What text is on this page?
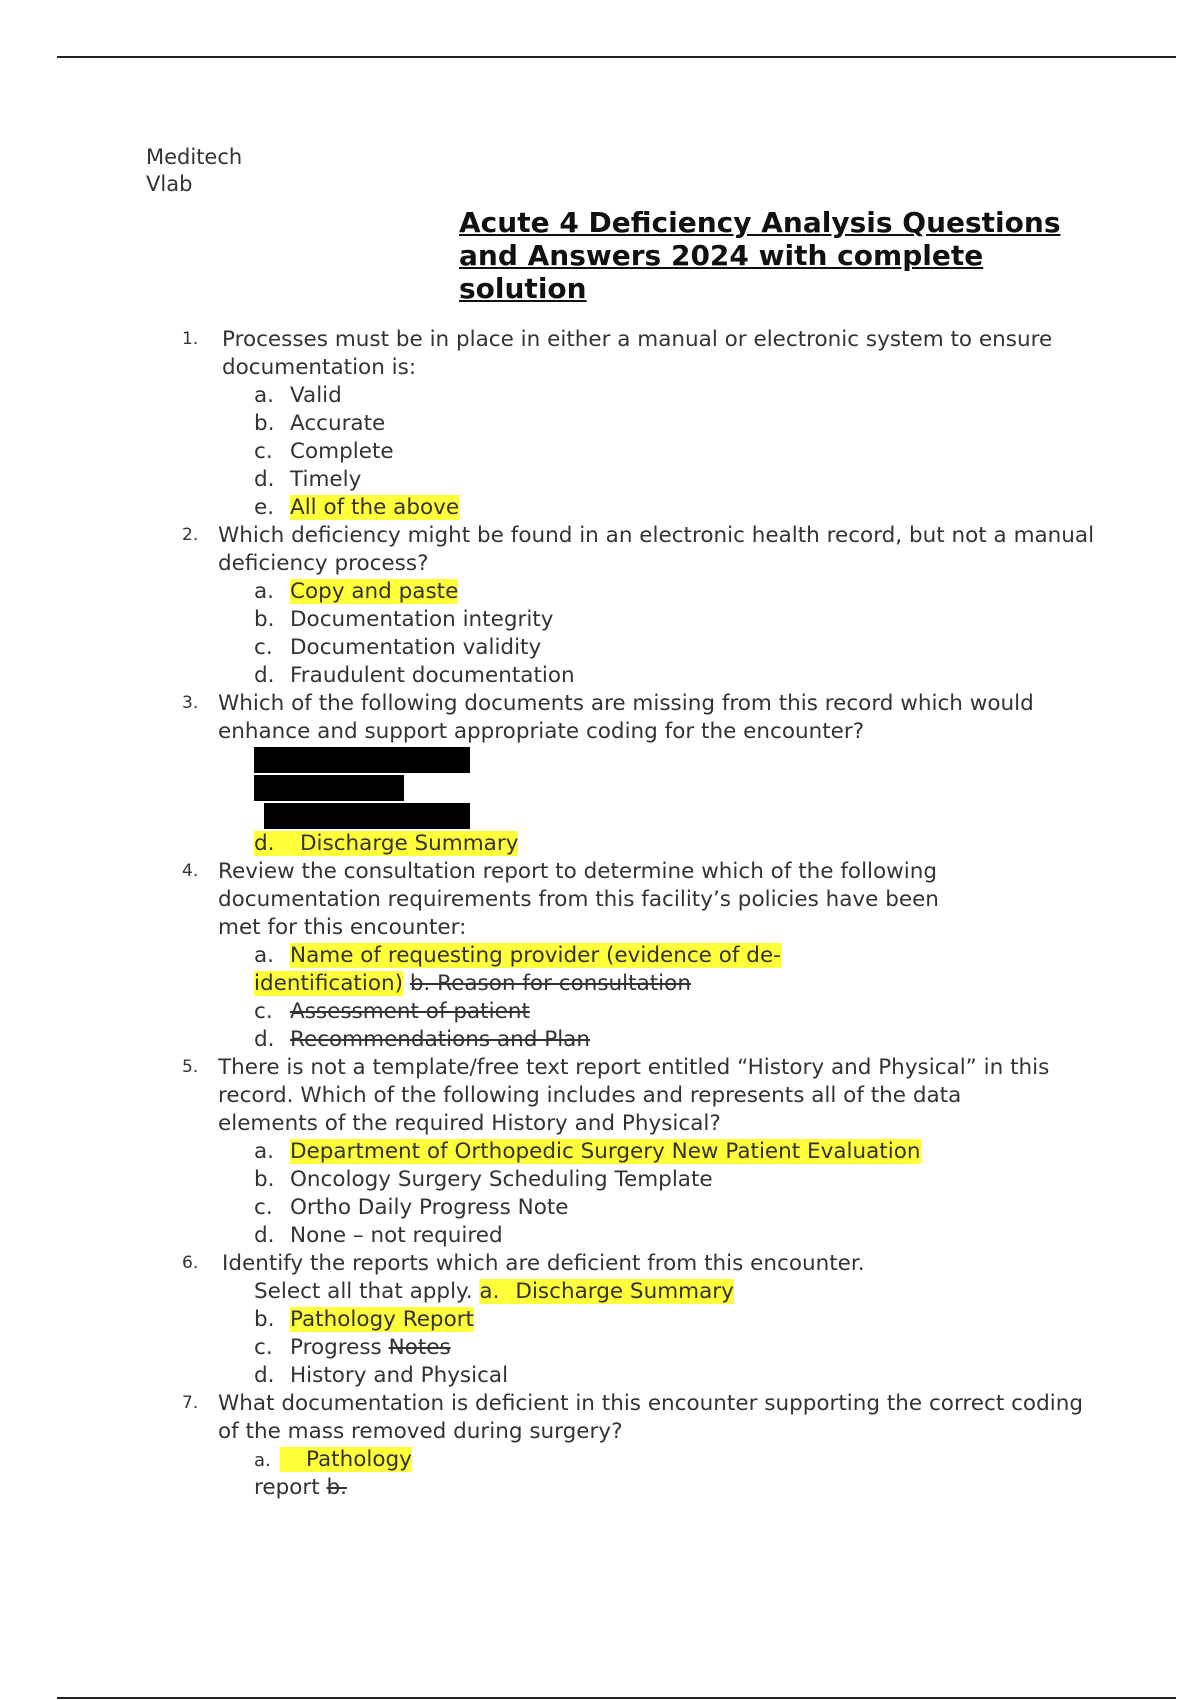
Meditech
Vlab
Acute 4 Deficiency Analysis Questions and Answers 2024 with complete solution
1. Processes must be in place in either a manual or electronic system to ensure documentation is:
a. Valid
b. Accurate
c. Complete
d. Timely
e. All of the above
2. Which deficiency might be found in an electronic health record, but not a manual deficiency process?
a. Copy and paste
b. Documentation integrity
c. Documentation validity
d. Fraudulent documentation
3. Which of the following documents are missing from this record which would enhance and support appropriate coding for the encounter?
d. Discharge Summary
4. Review the consultation report to determine which of the following documentation requirements from this facility’s policies have been met for this encounter:
a. Name of requesting provider (evidence of de-
identification) b. Reason for consultation
c. Assessment of patient
d. Recommendations and Plan
5. There is not a template/free text report entitled “History and Physical” in this record. Which of the following includes and represents all of the data elements of the required History and Physical?
a. Department of Orthopedic Surgery New Patient Evaluation
b. Oncology Surgery Scheduling Template
c. Ortho Daily Progress Note
d. None – not required
6. Identify the reports which are deficient from this encounter.
Select all that apply. a. Discharge Summary
b. Pathology Report
c. Progress Notes
d. History and Physical
7. What documentation is deficient in this encounter supporting the correct coding of the mass removed during surgery?
a. Pathology
report b.
